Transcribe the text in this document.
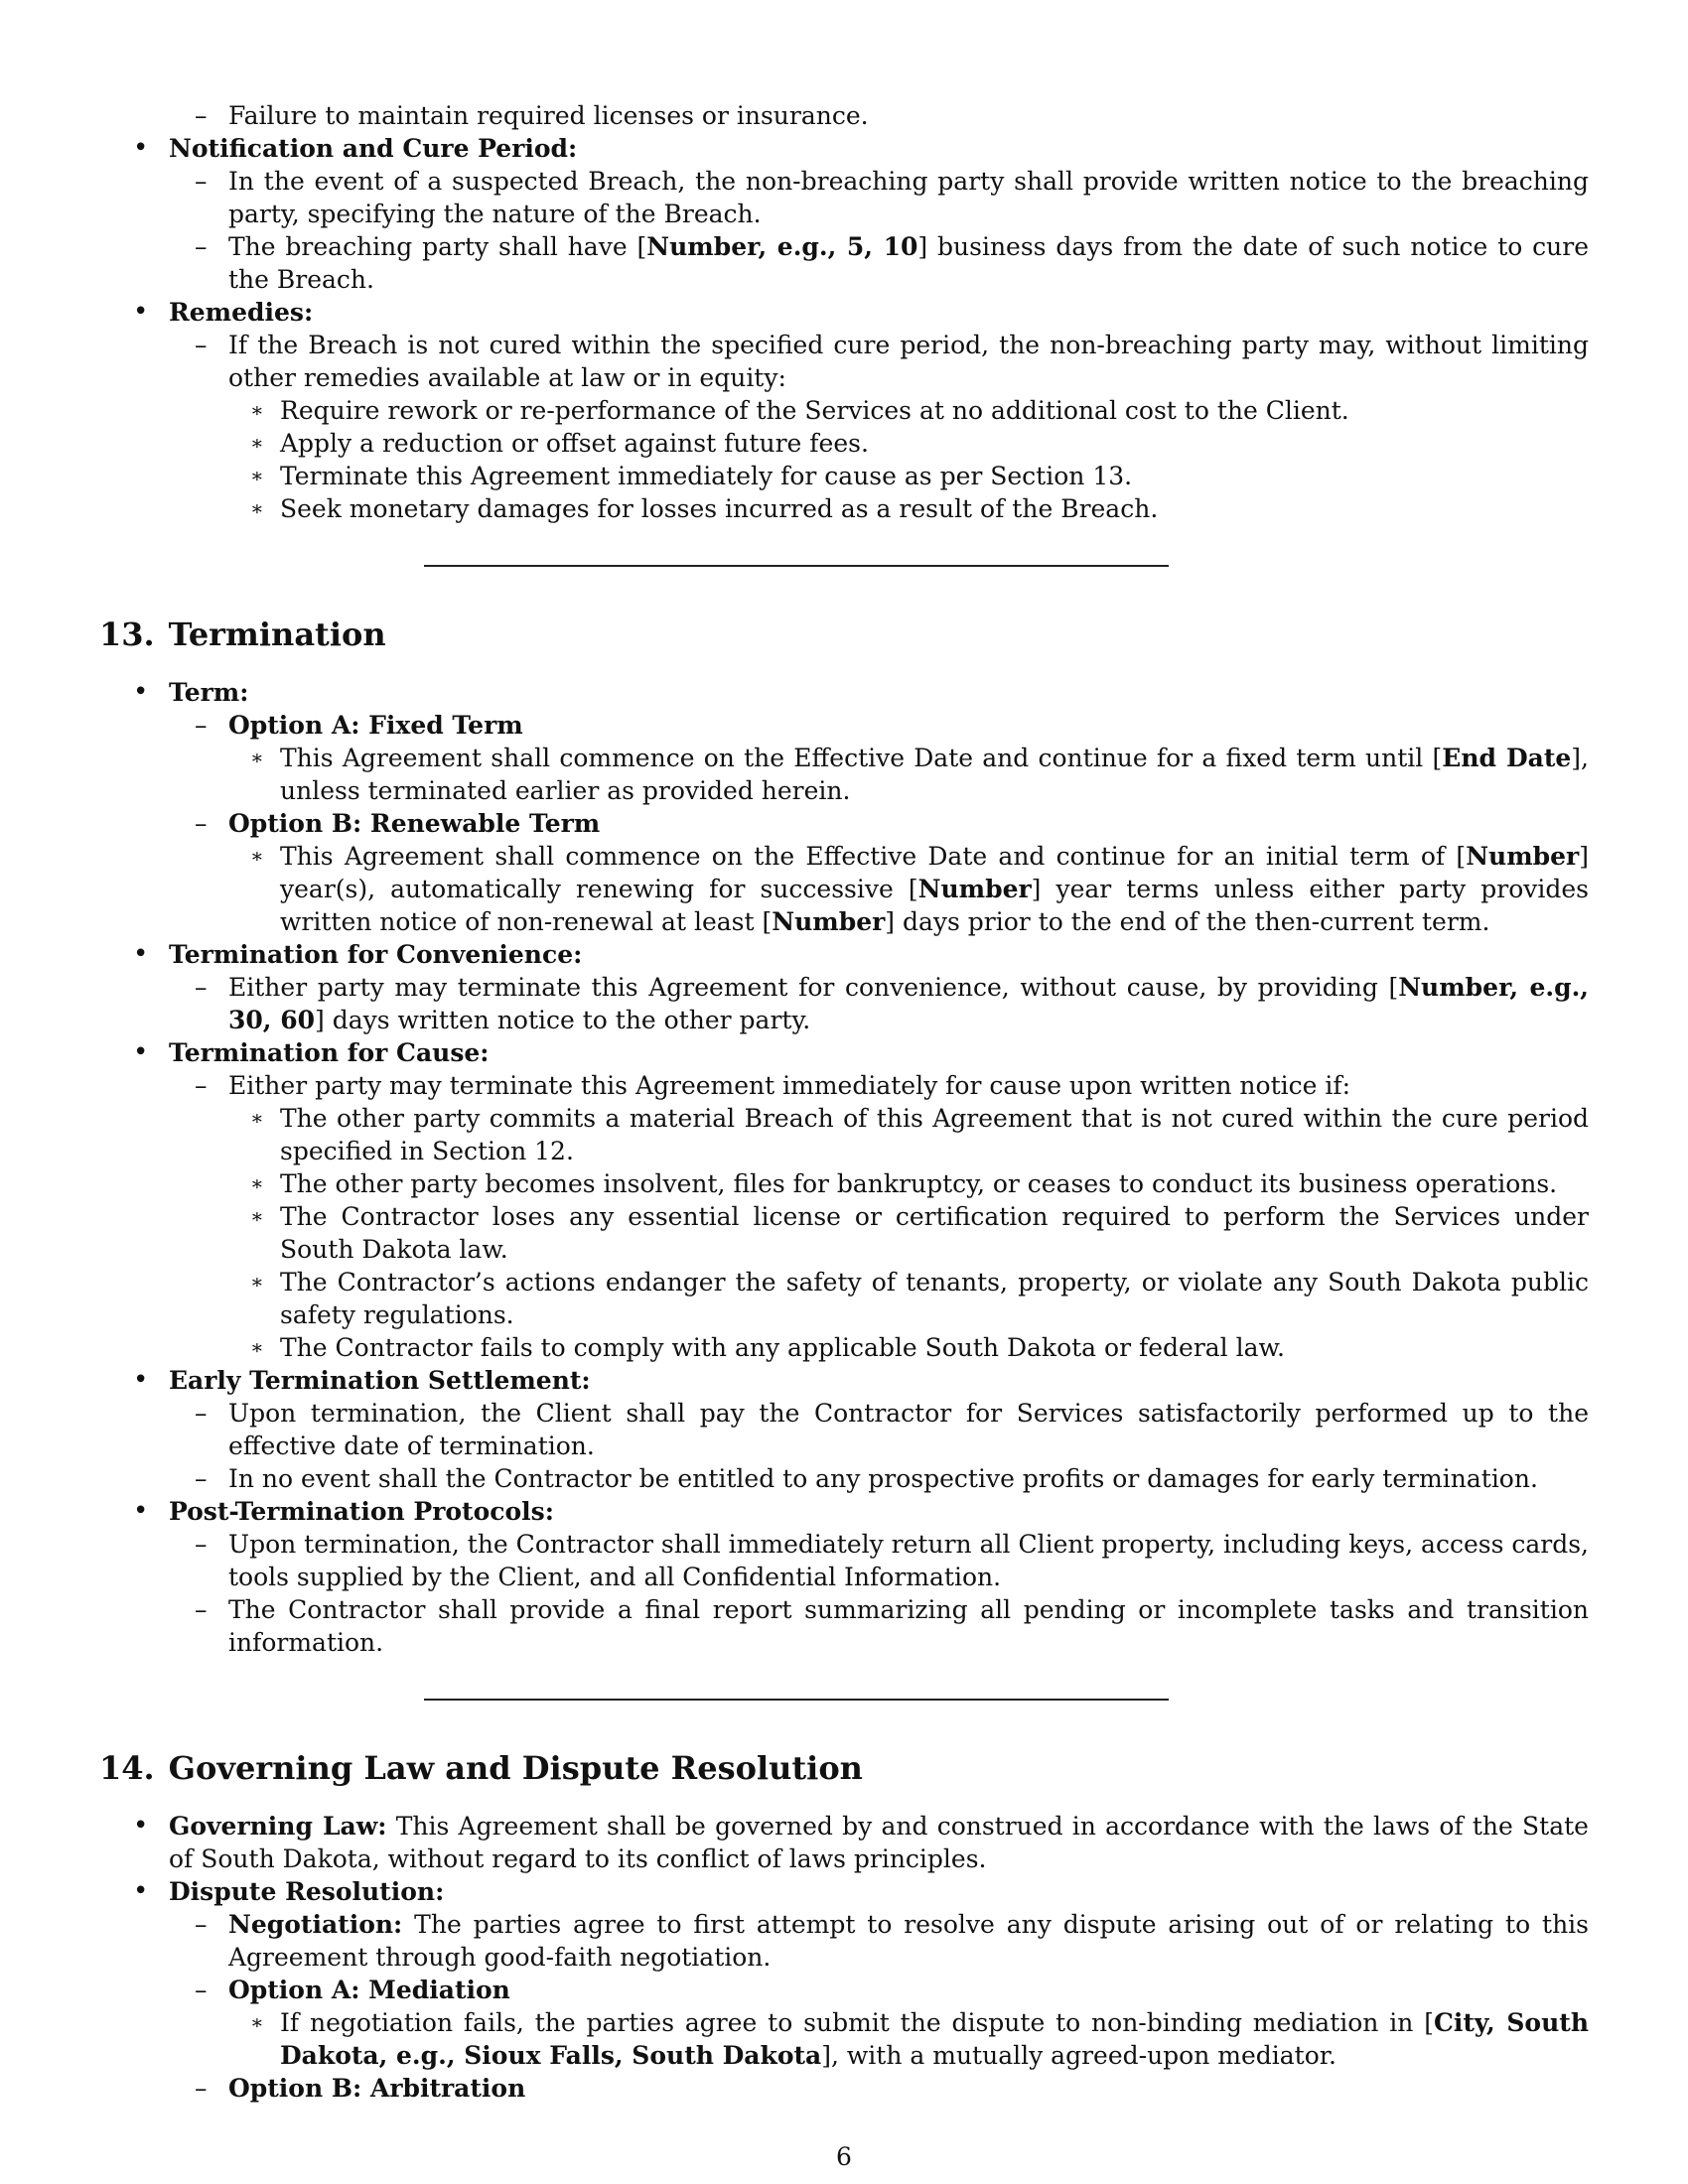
– Failure to maintain required licenses or insurance.

• Notification and Cure Period:

– In the event of a suspected Breach, the non-breaching party shall provide written notice to the breaching party, specifying the nature of the Breach.

– The breaching party shall have [Number, e.g., 5, 10] business days from the date of such notice to cure the Breach.

• Remedies:

– If the Breach is not cured within the specified cure period, the non-breaching party may, without limiting other remedies available at law or in equity:

∗ Require rework or re-performance of the Services at no additional cost to the Client.

∗ Apply a reduction or offset against future fees.

∗ Terminate this Agreement immediately for cause as per Section 13.

∗ Seek monetary damages for losses incurred as a result of the Breach.

13. Termination

• Term:

– Option A: Fixed Term

∗ This Agreement shall commence on the Effective Date and continue for a fixed term until [End Date], unless terminated earlier as provided herein.

– Option B: Renewable Term

∗ This Agreement shall commence on the Effective Date and continue for an initial term of [Number] year(s), automatically renewing for successive [Number] year terms unless either party provides written notice of non-renewal at least [Number] days prior to the end of the then-current term.

• Termination for Convenience:

– Either party may terminate this Agreement for convenience, without cause, by providing [Number, e.g., 30, 60] days written notice to the other party.

• Termination for Cause:

– Either party may terminate this Agreement immediately for cause upon written notice if:

∗ The other party commits a material Breach of this Agreement that is not cured within the cure period specified in Section 12.

∗ The other party becomes insolvent, files for bankruptcy, or ceases to conduct its business operations.

∗ The Contractor loses any essential license or certification required to perform the Services under South Dakota law.

∗ The Contractor’s actions endanger the safety of tenants, property, or violate any South Dakota public safety regulations.

∗ The Contractor fails to comply with any applicable South Dakota or federal law.

• Early Termination Settlement:

– Upon termination, the Client shall pay the Contractor for Services satisfactorily performed up to the effective date of termination.

– In no event shall the Contractor be entitled to any prospective profits or damages for early termination.

• Post-Termination Protocols:

– Upon termination, the Contractor shall immediately return all Client property, including keys, access cards, tools supplied by the Client, and all Confidential Information.

– The Contractor shall provide a final report summarizing all pending or incomplete tasks and transition information.

14. Governing Law and Dispute Resolution

• Governing Law: This Agreement shall be governed by and construed in accordance with the laws of the State of South Dakota, without regard to its conflict of laws principles.

• Dispute Resolution:

– Negotiation: The parties agree to first attempt to resolve any dispute arising out of or relating to this Agreement through good-faith negotiation.

– Option A: Mediation

∗ If negotiation fails, the parties agree to submit the dispute to non-binding mediation in [City, South Dakota, e.g., Sioux Falls, South Dakota], with a mutually agreed-upon mediator.

– Option B: Arbitration

6
